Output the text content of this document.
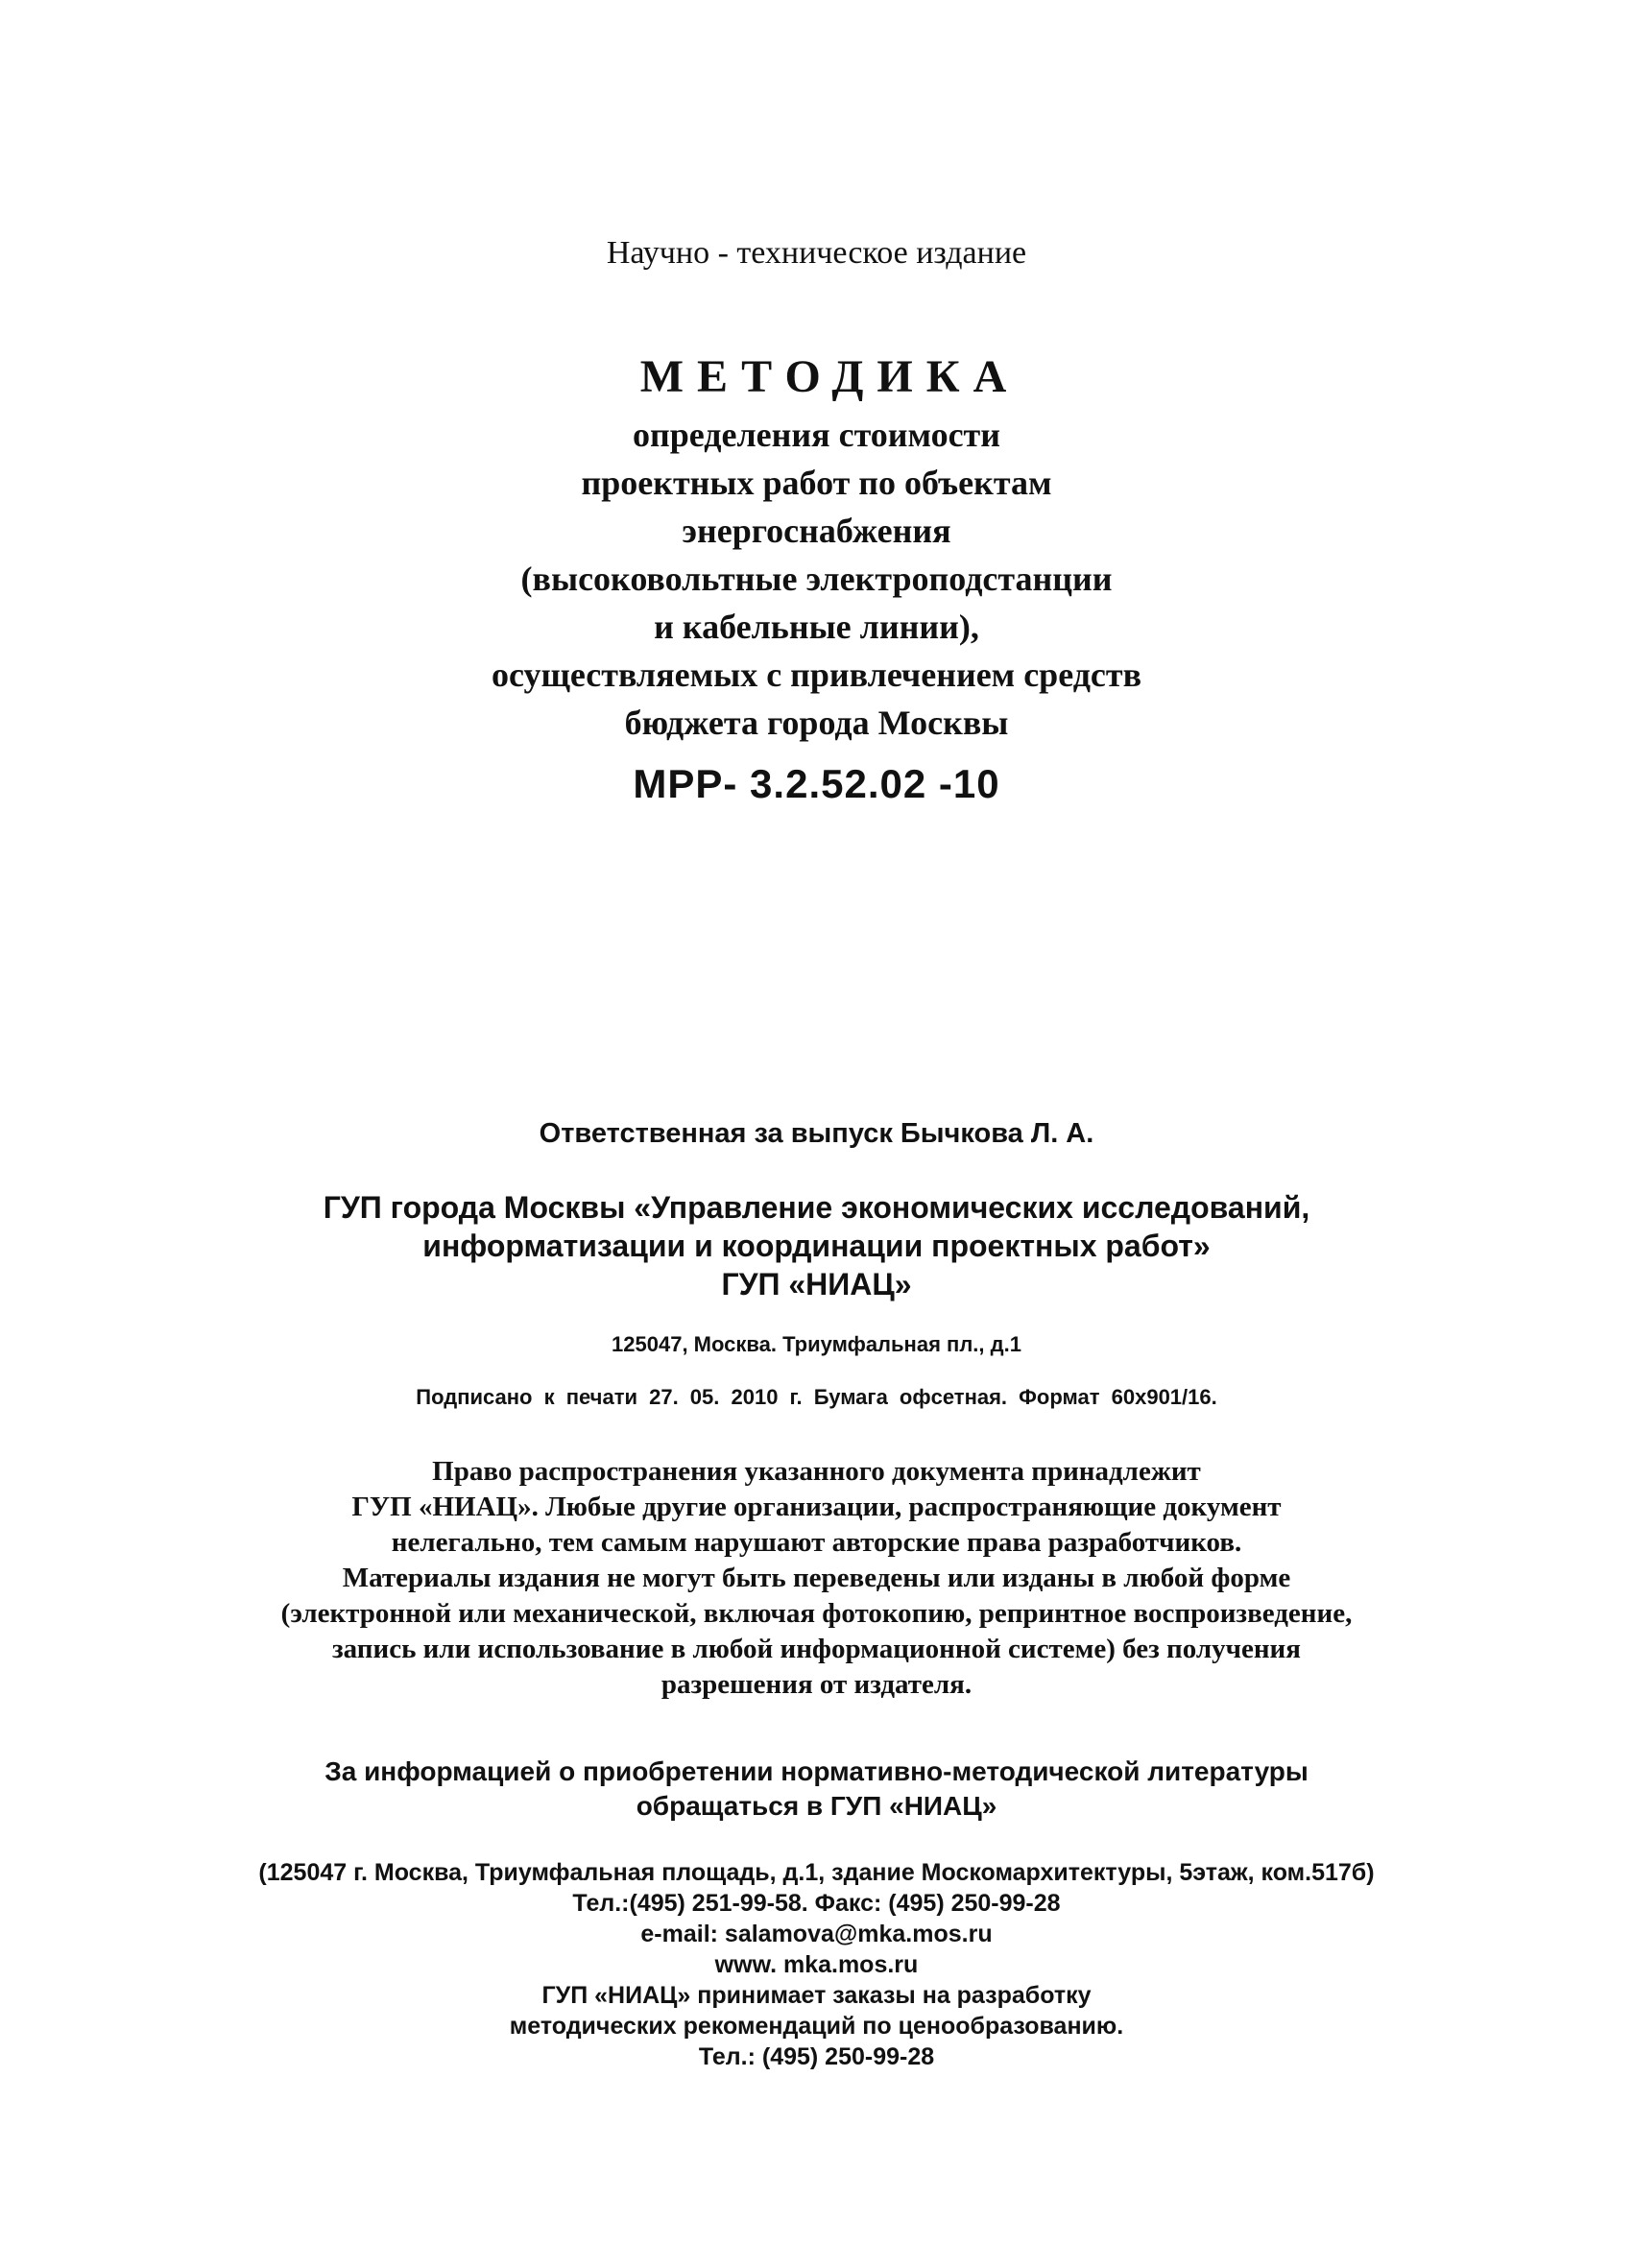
Научно - техническое издание
МЕТОДИКА
определения стоимости
проектных работ по объектам
энергоснабжения
(высоковольтные электроподстанции
и кабельные линии),
осуществляемых с привлечением средств
бюджета города Москвы
МРР- 3.2.52.02 -10
Ответственная за выпуск Бычкова Л. А.
ГУП города Москвы «Управление экономических исследований,
информатизации и координации проектных работ»
ГУП «НИАЦ»
125047, Москва. Триумфальная пл., д.1
Подписано к печати 27. 05. 2010 г. Бумага офсетная. Формат 60х901/16.
Право распространения указанного документа принадлежит
ГУП «НИАЦ». Любые другие организации, распространяющие документ
нелегально, тем самым нарушают авторские права разработчиков.
Материалы издания не могут быть переведены или изданы в любой форме
(электронной или механической, включая фотокопию, репринтное воспроизведение,
запись или использование в любой информационной системе) без получения
разрешения от издателя.
За информацией о приобретении нормативно-методической литературы
обращаться в ГУП «НИАЦ»
(125047 г. Москва, Триумфальная площадь, д.1, здание Москомархитектуры, 5этаж, ком.517б)
Тел.:(495) 251-99-58. Факс: (495) 250-99-28
e-mail: salamova@mka.mos.ru
www. mka.mos.ru
ГУП «НИАЦ» принимает заказы на разработку
методических рекомендаций по ценообразованию.
Тел.: (495) 250-99-28
